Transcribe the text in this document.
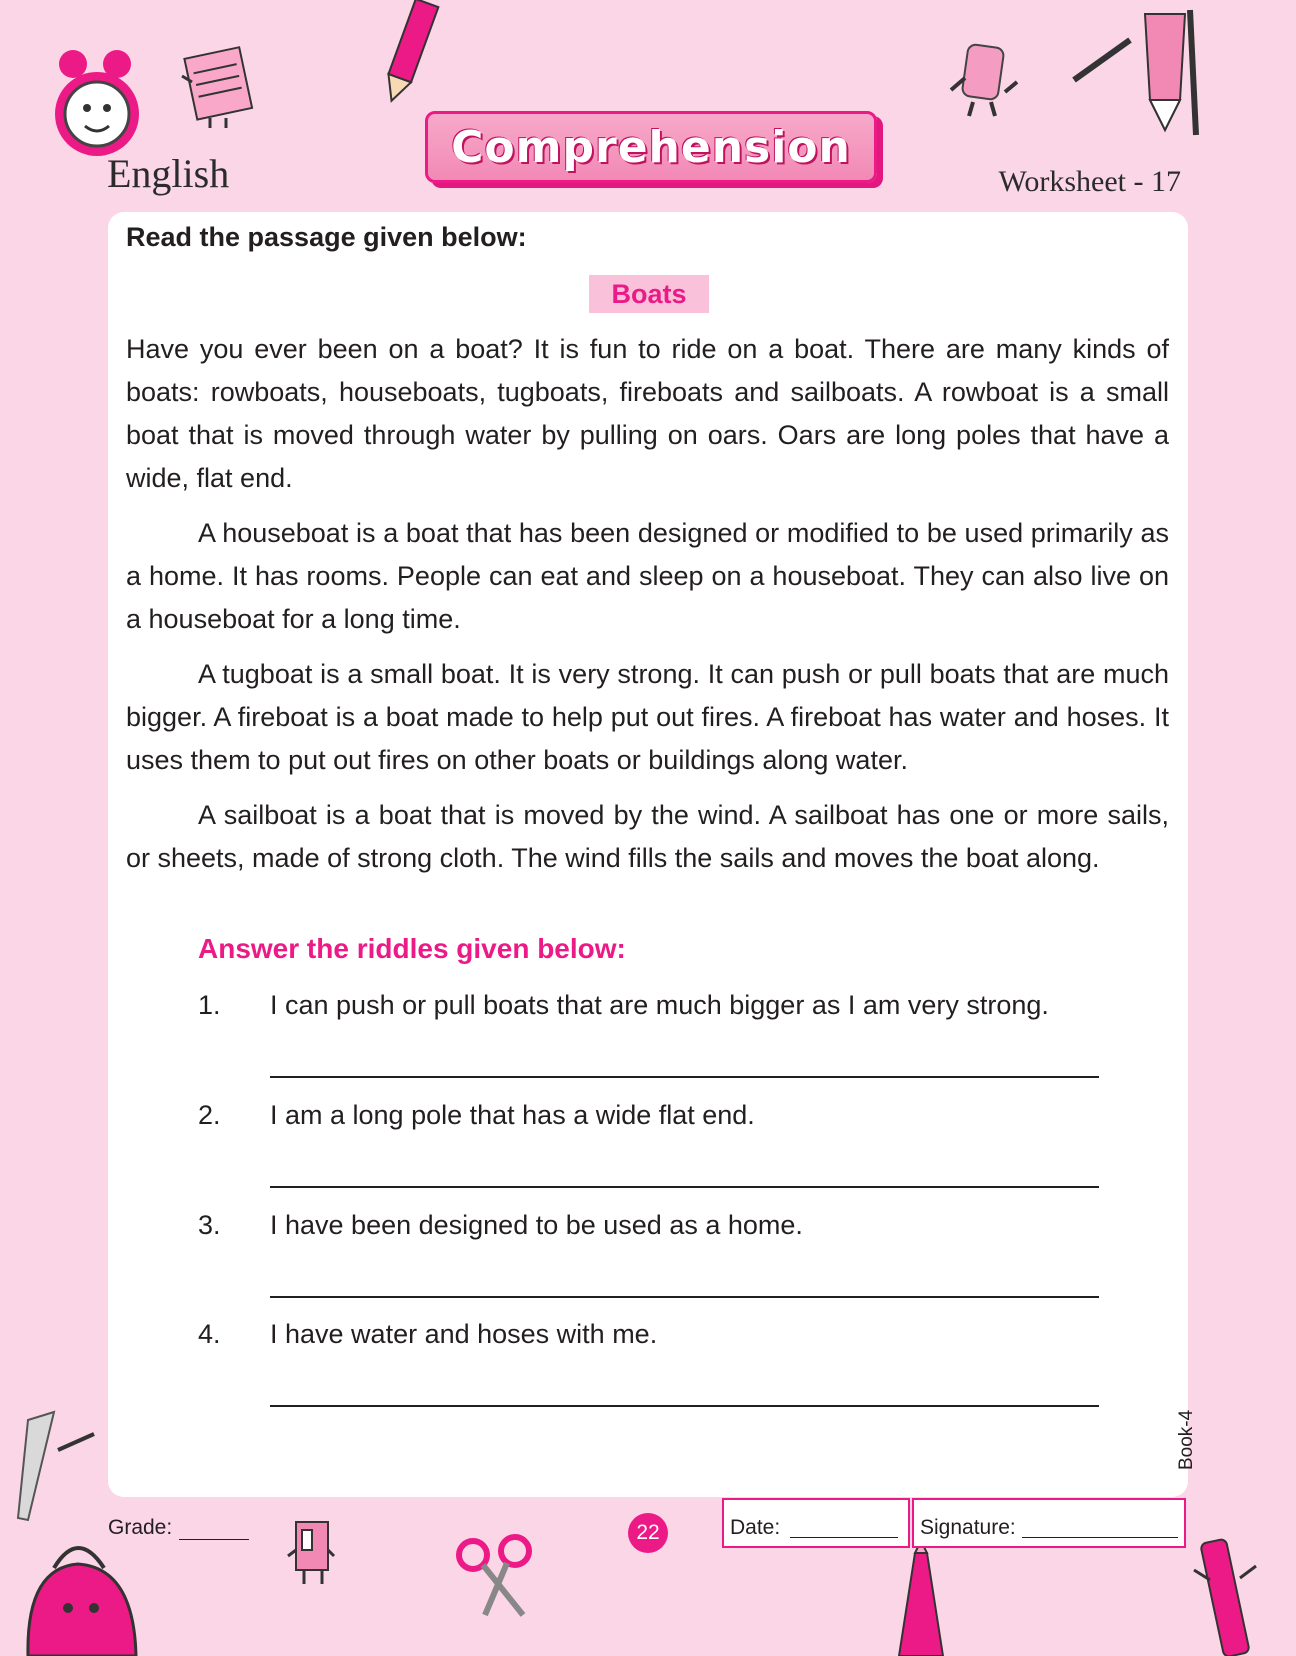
English
Comprehension
Worksheet - 17
Read the passage given below:
Boats

Have you ever been on a boat? It is fun to ride on a boat. There are many kinds of boats: rowboats, houseboats, tugboats, fireboats and sailboats. A rowboat is a small boat that is moved through water by pulling on oars. Oars are long poles that have a wide, flat end.

A houseboat is a boat that has been designed or modified to be used primarily as a home. It has rooms. People can eat and sleep on a houseboat. They can also live on a houseboat for a long time.

A tugboat is a small boat. It is very strong. It can push or pull boats that are much bigger. A fireboat is a boat made to help put out fires. A fireboat has water and hoses. It uses them to put out fires on other boats or buildings along water.

A sailboat is a boat that is moved by the wind. A sailboat has one or more sails, or sheets, made of strong cloth. The wind fills the sails and moves the boat along.

Answer the riddles given below:
1. I can push or pull boats that are much bigger as I am very strong.
2. I am a long pole that has a wide flat end.
3. I have been designed to be used as a home.
4. I have water and hoses with me.
Grade:	22	Date:	Signature:
Book-4
